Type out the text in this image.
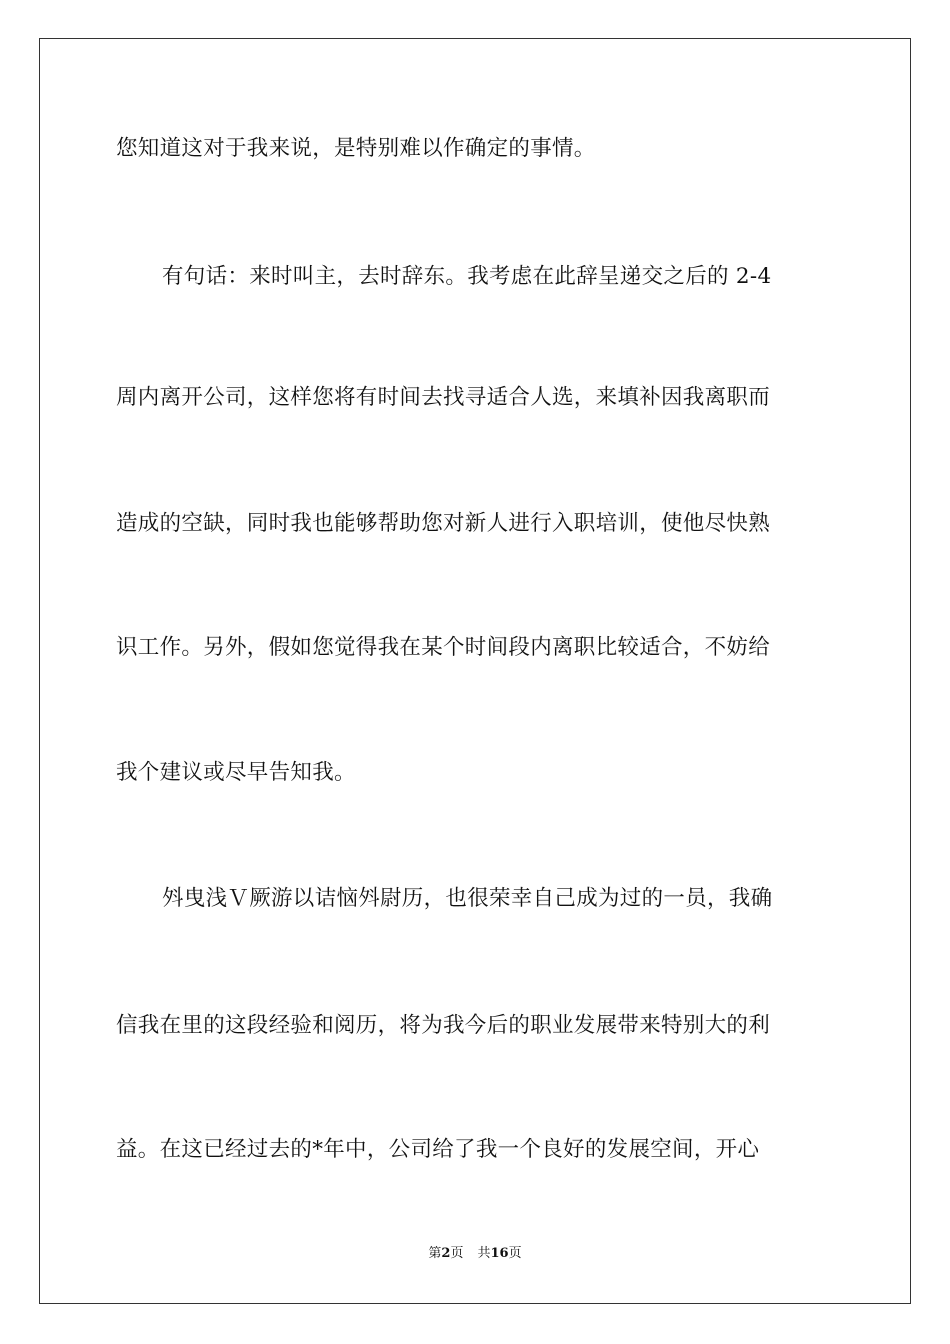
您知道这对于我来说，是特别难以作确定的事情。
有句话：来时叫主，去时辞东。我考虑在此辞呈递交之后的 2-4
周内离开公司，这样您将有时间去找寻适合人选，来填补因我离职而
造成的空缺，同时我也能够帮助您对新人进行入职培训，使他尽快熟
识工作。另外，假如您觉得我在某个时间段内离职比较适合，不妨给
我个建议或尽早告知我。
斘曳浅Ｖ厥游以诘恼斘尉历，也很荣幸自己成为过的一员，我确
信我在里的这段经验和阅历，将为我今后的职业发展带来特别大的利
益。在这已经过去的*年中，公司给了我一个良好的发展空间，开心
第2页 共16页
